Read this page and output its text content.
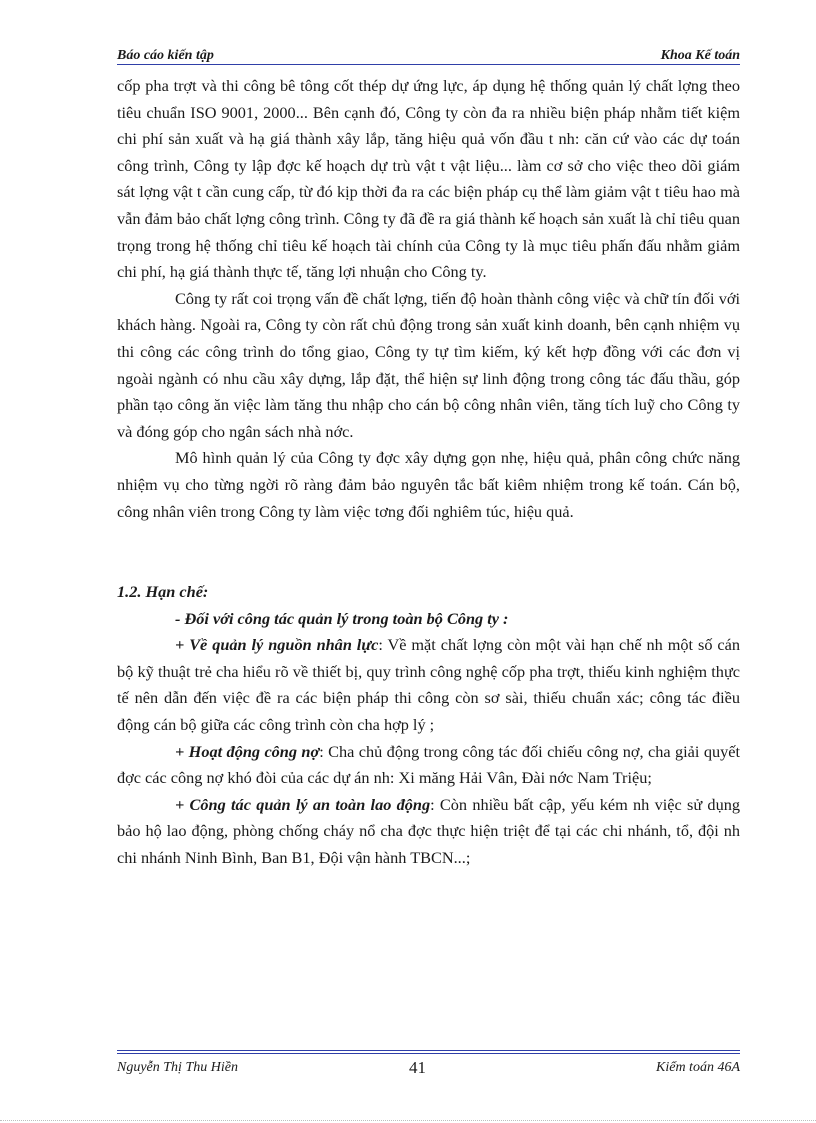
Báo cáo kiến tập	Khoa Kế toán

cốp pha trợt và thi công bê tông cốt thép dự ứng lực, áp dụng hệ thống quản lý chất lợng theo tiêu chuẩn ISO 9001, 2000... Bên cạnh đó, Công ty còn đa ra nhiều biện pháp nhằm tiết kiệm chi phí sản xuất và hạ giá thành xây lắp, tăng hiệu quả vốn đầu t nh: căn cứ vào các dự toán công trình, Công ty lập đợc kế hoạch dự trù vật t vật liệu... làm cơ sở cho việc theo dõi giám sát lợng vật t cần cung cấp, từ đó kịp thời đa ra các biện pháp cụ thể làm giảm vật t tiêu hao mà vẫn đảm bảo chất lợng công trình. Công ty đã đề ra giá thành kế hoạch sản xuất là chỉ tiêu quan trọng trong hệ thống chỉ tiêu kế hoạch tài chính của Công ty là mục tiêu phấn đấu nhằm giảm chi phí, hạ giá thành thực tế, tăng lợi nhuận cho Công ty.

Công ty rất coi trọng vấn đề chất lợng, tiến độ hoàn thành công việc và chữ tín đối với khách hàng. Ngoài ra, Công ty còn rất chủ động trong sản xuất kinh doanh, bên cạnh nhiệm vụ thi công các công trình do tổng giao, Công ty tự tìm kiếm, ký kết hợp đồng với các đơn vị ngoài ngành có nhu cầu xây dựng, lắp đặt, thể hiện sự linh động trong công tác đấu thầu, góp phần tạo công ăn việc làm tăng thu nhập cho cán bộ công nhân viên, tăng tích luỹ cho Công ty và đóng góp cho ngân sách nhà nớc.

Mô hình quản lý của Công ty đợc xây dựng gọn nhẹ, hiệu quả, phân công chức năng nhiệm vụ cho từng ngời rõ ràng đảm bảo nguyên tắc bất kiêm nhiệm trong kế toán. Cán bộ, công nhân viên trong Công ty làm việc tơng đối nghiêm túc, hiệu quả.

1.2. Hạn chế:

- Đối với công tác quản lý trong toàn bộ Công ty :

+ Về quản lý nguồn nhân lực: Về mặt chất lợng còn một vài hạn chế nh một số cán bộ kỹ thuật trẻ cha hiểu rõ về thiết bị, quy trình công nghệ cốp pha trợt, thiếu kinh nghiệm thực tế nên dẫn đến việc đề ra các biện pháp thi công còn sơ sài, thiếu chuẩn xác; công tác điều động cán bộ giữa các công trình còn cha hợp lý ;

+ Hoạt động công nợ: Cha chủ động trong công tác đối chiếu công nợ, cha giải quyết đợc các công nợ khó đòi của các dự án nh: Xi măng Hải Vân, Đài nớc Nam Triệu;

+ Công tác quản lý an toàn lao động: Còn nhiều bất cập, yếu kém nh việc sử dụng bảo hộ lao động, phòng chống cháy nổ cha đợc thực hiện triệt để tại các chi nhánh, tổ, đội nh chi nhánh Ninh Bình, Ban B1, Đội vận hành TBCN...;

Nguyễn Thị Thu Hiền	41	Kiểm toán 46A
